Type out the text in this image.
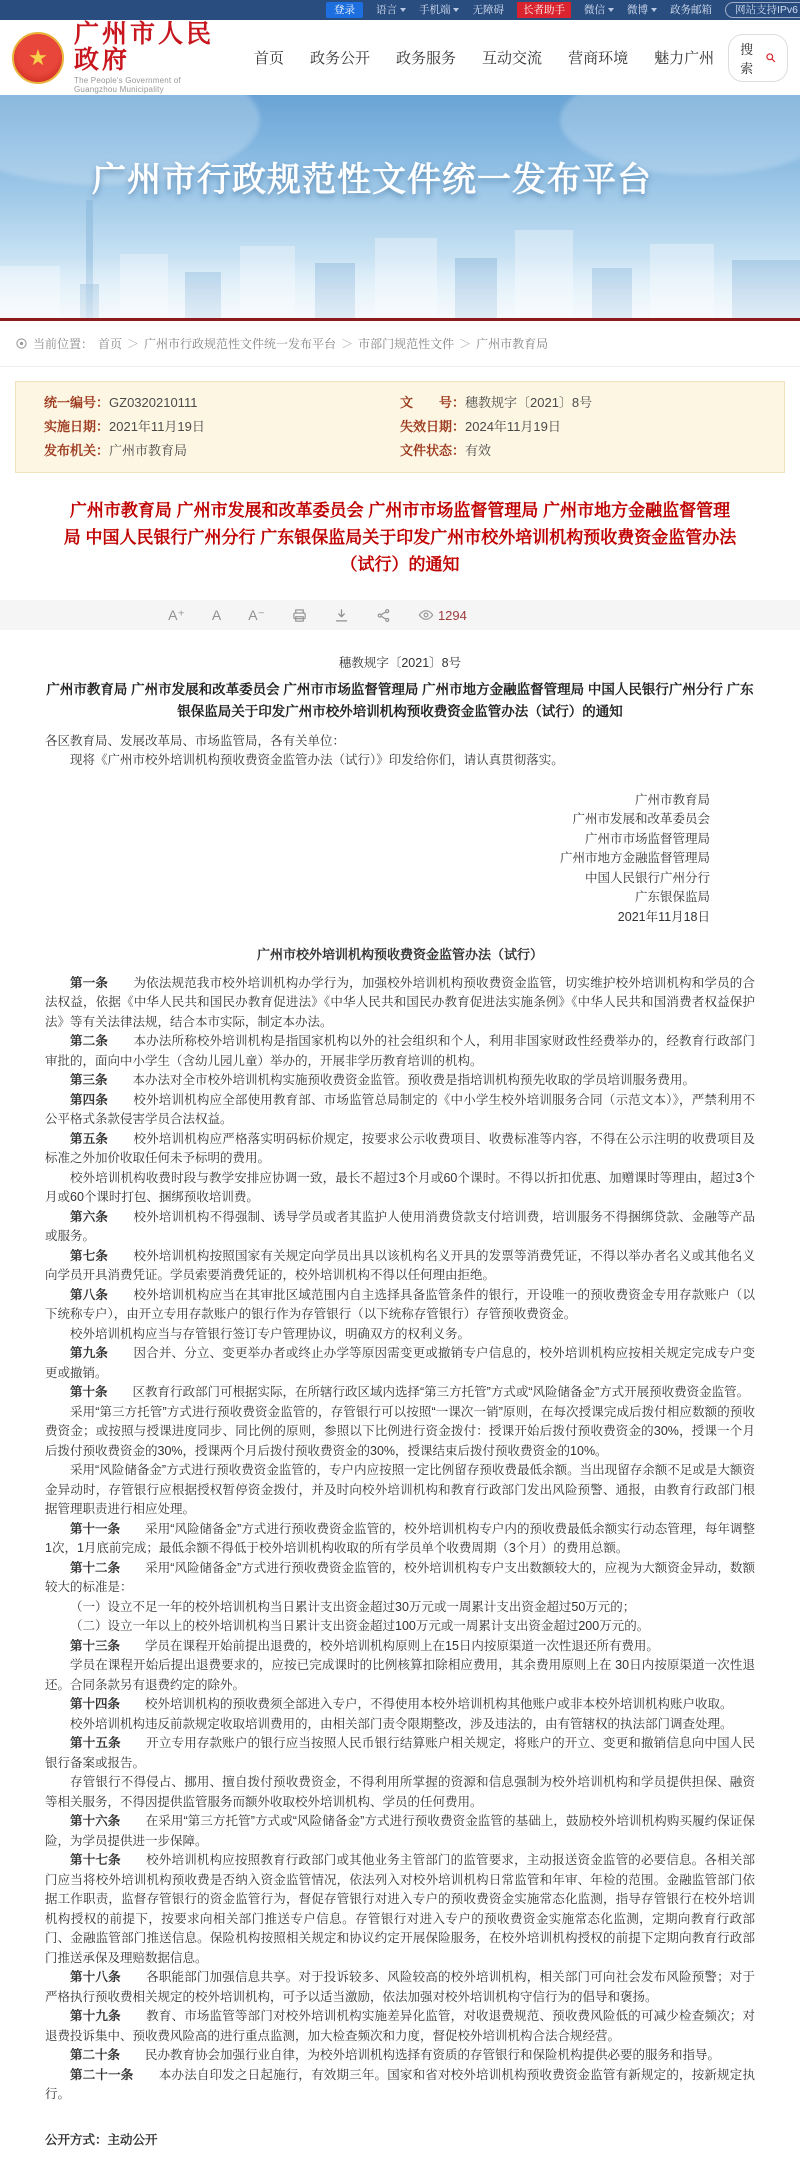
登录	语言	手机端	无障碍	长者助手	微信	微博	政务邮箱	网站支持IPv6
★
广州市人民政府
The People's Government of Guangzhou Municipality
首页 政务公开 政务服务 互动交流 营商环境 魅力广州
搜索
广州市行政规范性文件统一发布平台
当前位置： 首页 ＞ 广州市行政规范性文件统一发布平台 ＞ 市部门规范性文件 ＞ 广州市教育局
统一编号： GZ0320210111	文　　号： 穗教规字〔2021〕8号
实施日期： 2021年11月19日	失效日期： 2024年11月19日
发布机关： 广州市教育局	文件状态： 有效
广州市教育局 广州市发展和改革委员会 广州市市场监督管理局 广州市地方金融监督管理局 中国人民银行广州分行 广东银保监局关于印发广州市校外培训机构预收费资金监管办法（试行）的通知
A⁺ A A⁻	1294

穗教规字〔2021〕8号

广州市教育局 广州市发展和改革委员会 广州市市场监督管理局 广州市地方金融监督管理局 中国人民银行广州分行 广东银保监局关于印发广州市校外培训机构预收费资金监管办法（试行）的通知

各区教育局、发展改革局、市场监管局，各有关单位：

现将《广州市校外培训机构预收费资金监管办法（试行）》印发给你们，请认真贯彻落实。

广州市教育局

广州市发展和改革委员会

广州市市场监督管理局

广州市地方金融监督管理局

中国人民银行广州分行

广东银保监局

2021年11月18日

广州市校外培训机构预收费资金监管办法（试行）

第一条　　为依法规范我市校外培训机构办学行为，加强校外培训机构预收费资金监管，切实维护校外培训机构和学员的合法权益，依据《中华人民共和国民办教育促进法》《中华人民共和国民办教育促进法实施条例》《中华人民共和国消费者权益保护法》等有关法律法规，结合本市实际，制定本办法。

第二条　　本办法所称校外培训机构是指国家机构以外的社会组织和个人，利用非国家财政性经费举办的，经教育行政部门审批的，面向中小学生（含幼儿园儿童）举办的，开展非学历教育培训的机构。

第三条　　本办法对全市校外培训机构实施预收费资金监管。预收费是指培训机构预先收取的学员培训服务费用。

第四条　　校外培训机构应全部使用教育部、市场监管总局制定的《中小学生校外培训服务合同（示范文本）》，严禁利用不公平格式条款侵害学员合法权益。

第五条　　校外培训机构应严格落实明码标价规定，按要求公示收费项目、收费标准等内容，不得在公示注明的收费项目及标准之外加价收取任何未予标明的费用。

校外培训机构收费时段与教学安排应协调一致，最长不超过3个月或60个课时。不得以折扣优惠、加赠课时等理由，超过3个月或60个课时打包、捆绑预收培训费。

第六条　　校外培训机构不得强制、诱导学员或者其监护人使用消费贷款支付培训费，培训服务不得捆绑贷款、金融等产品或服务。

第七条　　校外培训机构按照国家有关规定向学员出具以该机构名义开具的发票等消费凭证，不得以举办者名义或其他名义向学员开具消费凭证。学员索要消费凭证的，校外培训机构不得以任何理由拒绝。

第八条　　校外培训机构应当在其审批区域范围内自主选择具备监管条件的银行，开设唯一的预收费资金专用存款账户（以下统称专户），由开立专用存款账户的银行作为存管银行（以下统称存管银行）存管预收费资金。

校外培训机构应当与存管银行签订专户管理协议，明确双方的权利义务。

第九条　　因合并、分立、变更举办者或终止办学等原因需变更或撤销专户信息的，校外培训机构应按相关规定完成专户变更或撤销。

第十条　　区教育行政部门可根据实际，在所辖行政区域内选择“第三方托管”方式或“风险储备金”方式开展预收费资金监管。

采用“第三方托管”方式进行预收费资金监管的，存管银行可以按照“一课次一销”原则，在每次授课完成后拨付相应数额的预收费资金；或按照与授课进度同步、同比例的原则，参照以下比例进行资金拨付：授课开始后拨付预收费资金的30%，授课一个月后拨付预收费资金的30%，授课两个月后拨付预收费资金的30%，授课结束后拨付预收费资金的10%。

采用“风险储备金”方式进行预收费资金监管的，专户内应按照一定比例留存预收费最低余额。当出现留存余额不足或是大额资金异动时，存管银行应根据授权暂停资金拨付，并及时向校外培训机构和教育行政部门发出风险预警、通报，由教育行政部门根据管理职责进行相应处理。

第十一条　　采用“风险储备金”方式进行预收费资金监管的，校外培训机构专户内的预收费最低余额实行动态管理，每年调整1次，1月底前完成；最低余额不得低于校外培训机构收取的所有学员单个收费周期（3个月）的费用总额。

第十二条　　采用“风险储备金”方式进行预收费资金监管的，校外培训机构专户支出数额较大的，应视为大额资金异动，数额较大的标准是：

（一）设立不足一年的校外培训机构当日累计支出资金超过30万元或一周累计支出资金超过50万元的；

（二）设立一年以上的校外培训机构当日累计支出资金超过100万元或一周累计支出资金超过200万元的。

第十三条　　学员在课程开始前提出退费的，校外培训机构原则上在15日内按原渠道一次性退还所有费用。

学员在课程开始后提出退费要求的，应按已完成课时的比例核算扣除相应费用，其余费用原则上在 30日内按原渠道一次性退还。合同条款另有退费约定的除外。

第十四条　　校外培训机构的预收费须全部进入专户，不得使用本校外培训机构其他账户或非本校外培训机构账户收取。

校外培训机构违反前款规定收取培训费用的，由相关部门责令限期整改，涉及违法的，由有管辖权的执法部门调查处理。

第十五条　　开立专用存款账户的银行应当按照人民币银行结算账户相关规定，将账户的开立、变更和撤销信息向中国人民银行备案或报告。

存管银行不得侵占、挪用、擅自拨付预收费资金，不得利用所掌握的资源和信息强制为校外培训机构和学员提供担保、融资等相关服务，不得因提供监管服务而额外收取校外培训机构、学员的任何费用。

第十六条　　在采用“第三方托管”方式或“风险储备金”方式进行预收费资金监管的基础上，鼓励校外培训机构购买履约保证保险，为学员提供进一步保障。

第十七条　　校外培训机构应按照教育行政部门或其他业务主管部门的监管要求，主动报送资金监管的必要信息。各相关部门应当将校外培训机构预收费是否纳入资金监管情况，依法列入对校外培训机构日常监管和年审、年检的范围。金融监管部门依据工作职责，监督存管银行的资金监管行为，督促存管银行对进入专户的预收费资金实施常态化监测，指导存管银行在校外培训机构授权的前提下，按要求向相关部门推送专户信息。存管银行对进入专户的预收费资金实施常态化监测，定期向教育行政部门、金融监管部门推送信息。保险机构按照相关规定和协议约定开展保险服务，在校外培训机构授权的前提下定期向教育行政部门推送承保及理赔数据信息。

第十八条　　各职能部门加强信息共享。对于投诉较多、风险较高的校外培训机构，相关部门可向社会发布风险预警；对于严格执行预收费相关规定的校外培训机构，可予以适当激励，依法加强对校外培训机构守信行为的倡导和褒扬。

第十九条　　教育、市场监管等部门对校外培训机构实施差异化监管，对收退费规范、预收费风险低的可减少检查频次；对退费投诉集中、预收费风险高的进行重点监测，加大检查频次和力度，督促校外培训机构合法合规经营。

第二十条　　民办教育协会加强行业自律，为校外培训机构选择有资质的存管银行和保险机构提供必要的服务和指导。

第二十一条　　本办法自印发之日起施行，有效期三年。国家和省对校外培训机构预收费资金监管有新规定的，按新规定执行。

公开方式：主动公开
